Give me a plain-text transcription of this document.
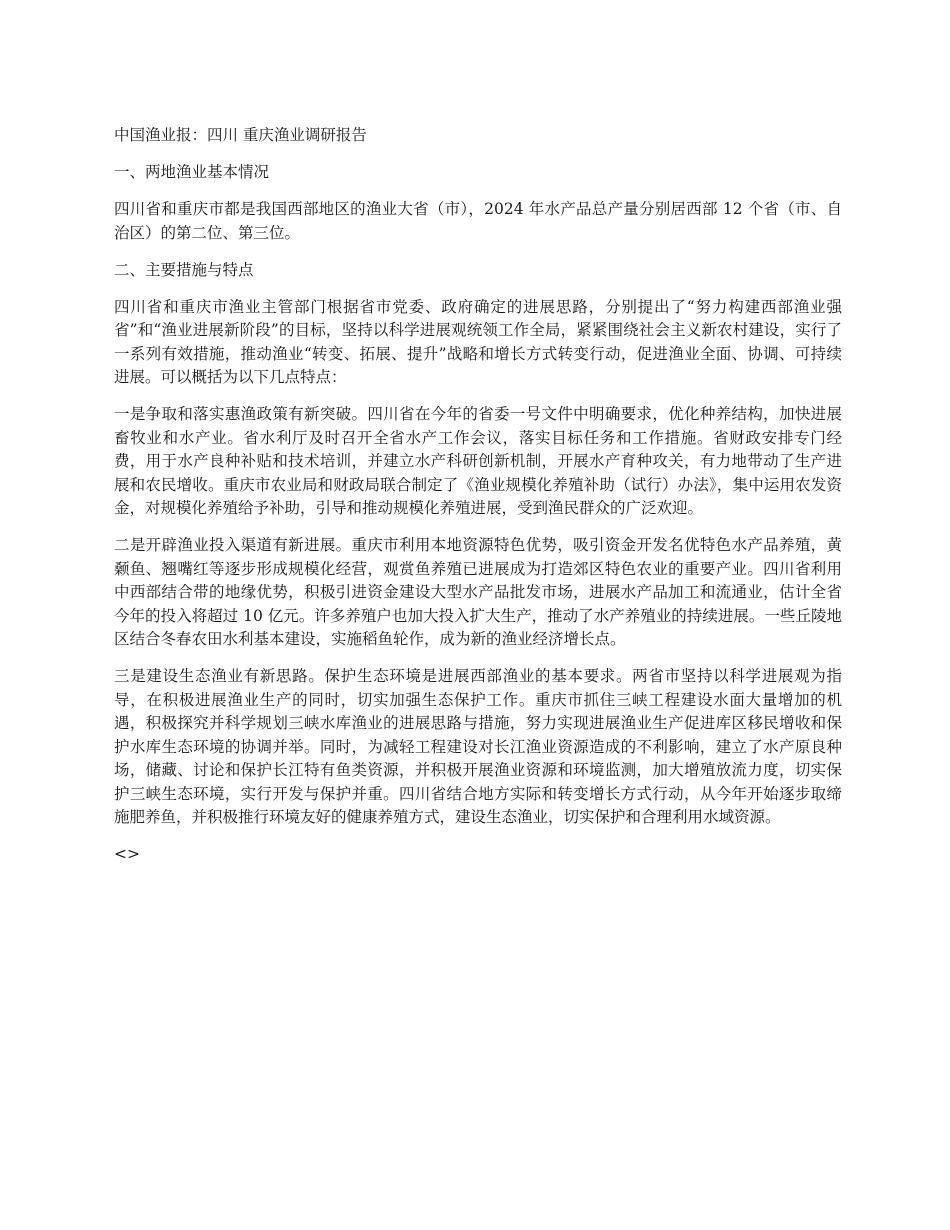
中国渔业报：四川 重庆渔业调研报告

一、两地渔业基本情况

四川省和重庆市都是我国西部地区的渔业大省（市），2024 年水产品总产量分别居西部 12 个省（市、自治区）的第二位、第三位。

二、主要措施与特点

四川省和重庆市渔业主管部门根据省市党委、政府确定的进展思路，分别提出了“努力构建西部渔业强省”和“渔业进展新阶段”的目标，坚持以科学进展观统领工作全局，紧紧围绕社会主义新农村建设，实行了一系列有效措施，推动渔业“转变、拓展、提升”战略和增长方式转变行动，促进渔业全面、协调、可持续进展。可以概括为以下几点特点：

一是争取和落实惠渔政策有新突破。四川省在今年的省委一号文件中明确要求，优化种养结构，加快进展畜牧业和水产业。省水利厅及时召开全省水产工作会议，落实目标任务和工作措施。省财政安排专门经费，用于水产良种补贴和技术培训，并建立水产科研创新机制，开展水产育种攻关，有力地带动了生产进展和农民增收。重庆市农业局和财政局联合制定了《渔业规模化养殖补助（试行）办法》，集中运用农发资金，对规模化养殖给予补助，引导和推动规模化养殖进展，受到渔民群众的广泛欢迎。

二是开辟渔业投入渠道有新进展。重庆市利用本地资源特色优势，吸引资金开发名优特色水产品养殖，黄颡鱼、翘嘴红等逐步形成规模化经营，观赏鱼养殖已进展成为打造郊区特色农业的重要产业。四川省利用中西部结合带的地缘优势，积极引进资金建设大型水产品批发市场，进展水产品加工和流通业，估计全省今年的投入将超过 10 亿元。许多养殖户也加大投入扩大生产，推动了水产养殖业的持续进展。一些丘陵地区结合冬春农田水利基本建设，实施稻鱼轮作，成为新的渔业经济增长点。

三是建设生态渔业有新思路。保护生态环境是进展西部渔业的基本要求。两省市坚持以科学进展观为指导，在积极进展渔业生产的同时，切实加强生态保护工作。重庆市抓住三峡工程建设水面大量增加的机遇，积极探究并科学规划三峡水库渔业的进展思路与措施，努力实现进展渔业生产促进库区移民增收和保护水库生态环境的协调并举。同时，为减轻工程建设对长江渔业资源造成的不利影响，建立了水产原良种场，储藏、讨论和保护长江特有鱼类资源，并积极开展渔业资源和环境监测，加大增殖放流力度，切实保护三峡生态环境，实行开发与保护并重。四川省结合地方实际和转变增长方式行动，从今年开始逐步取缔施肥养鱼，并积极推行环境友好的健康养殖方式，建设生态渔业，切实保护和合理利用水域资源。

<>
